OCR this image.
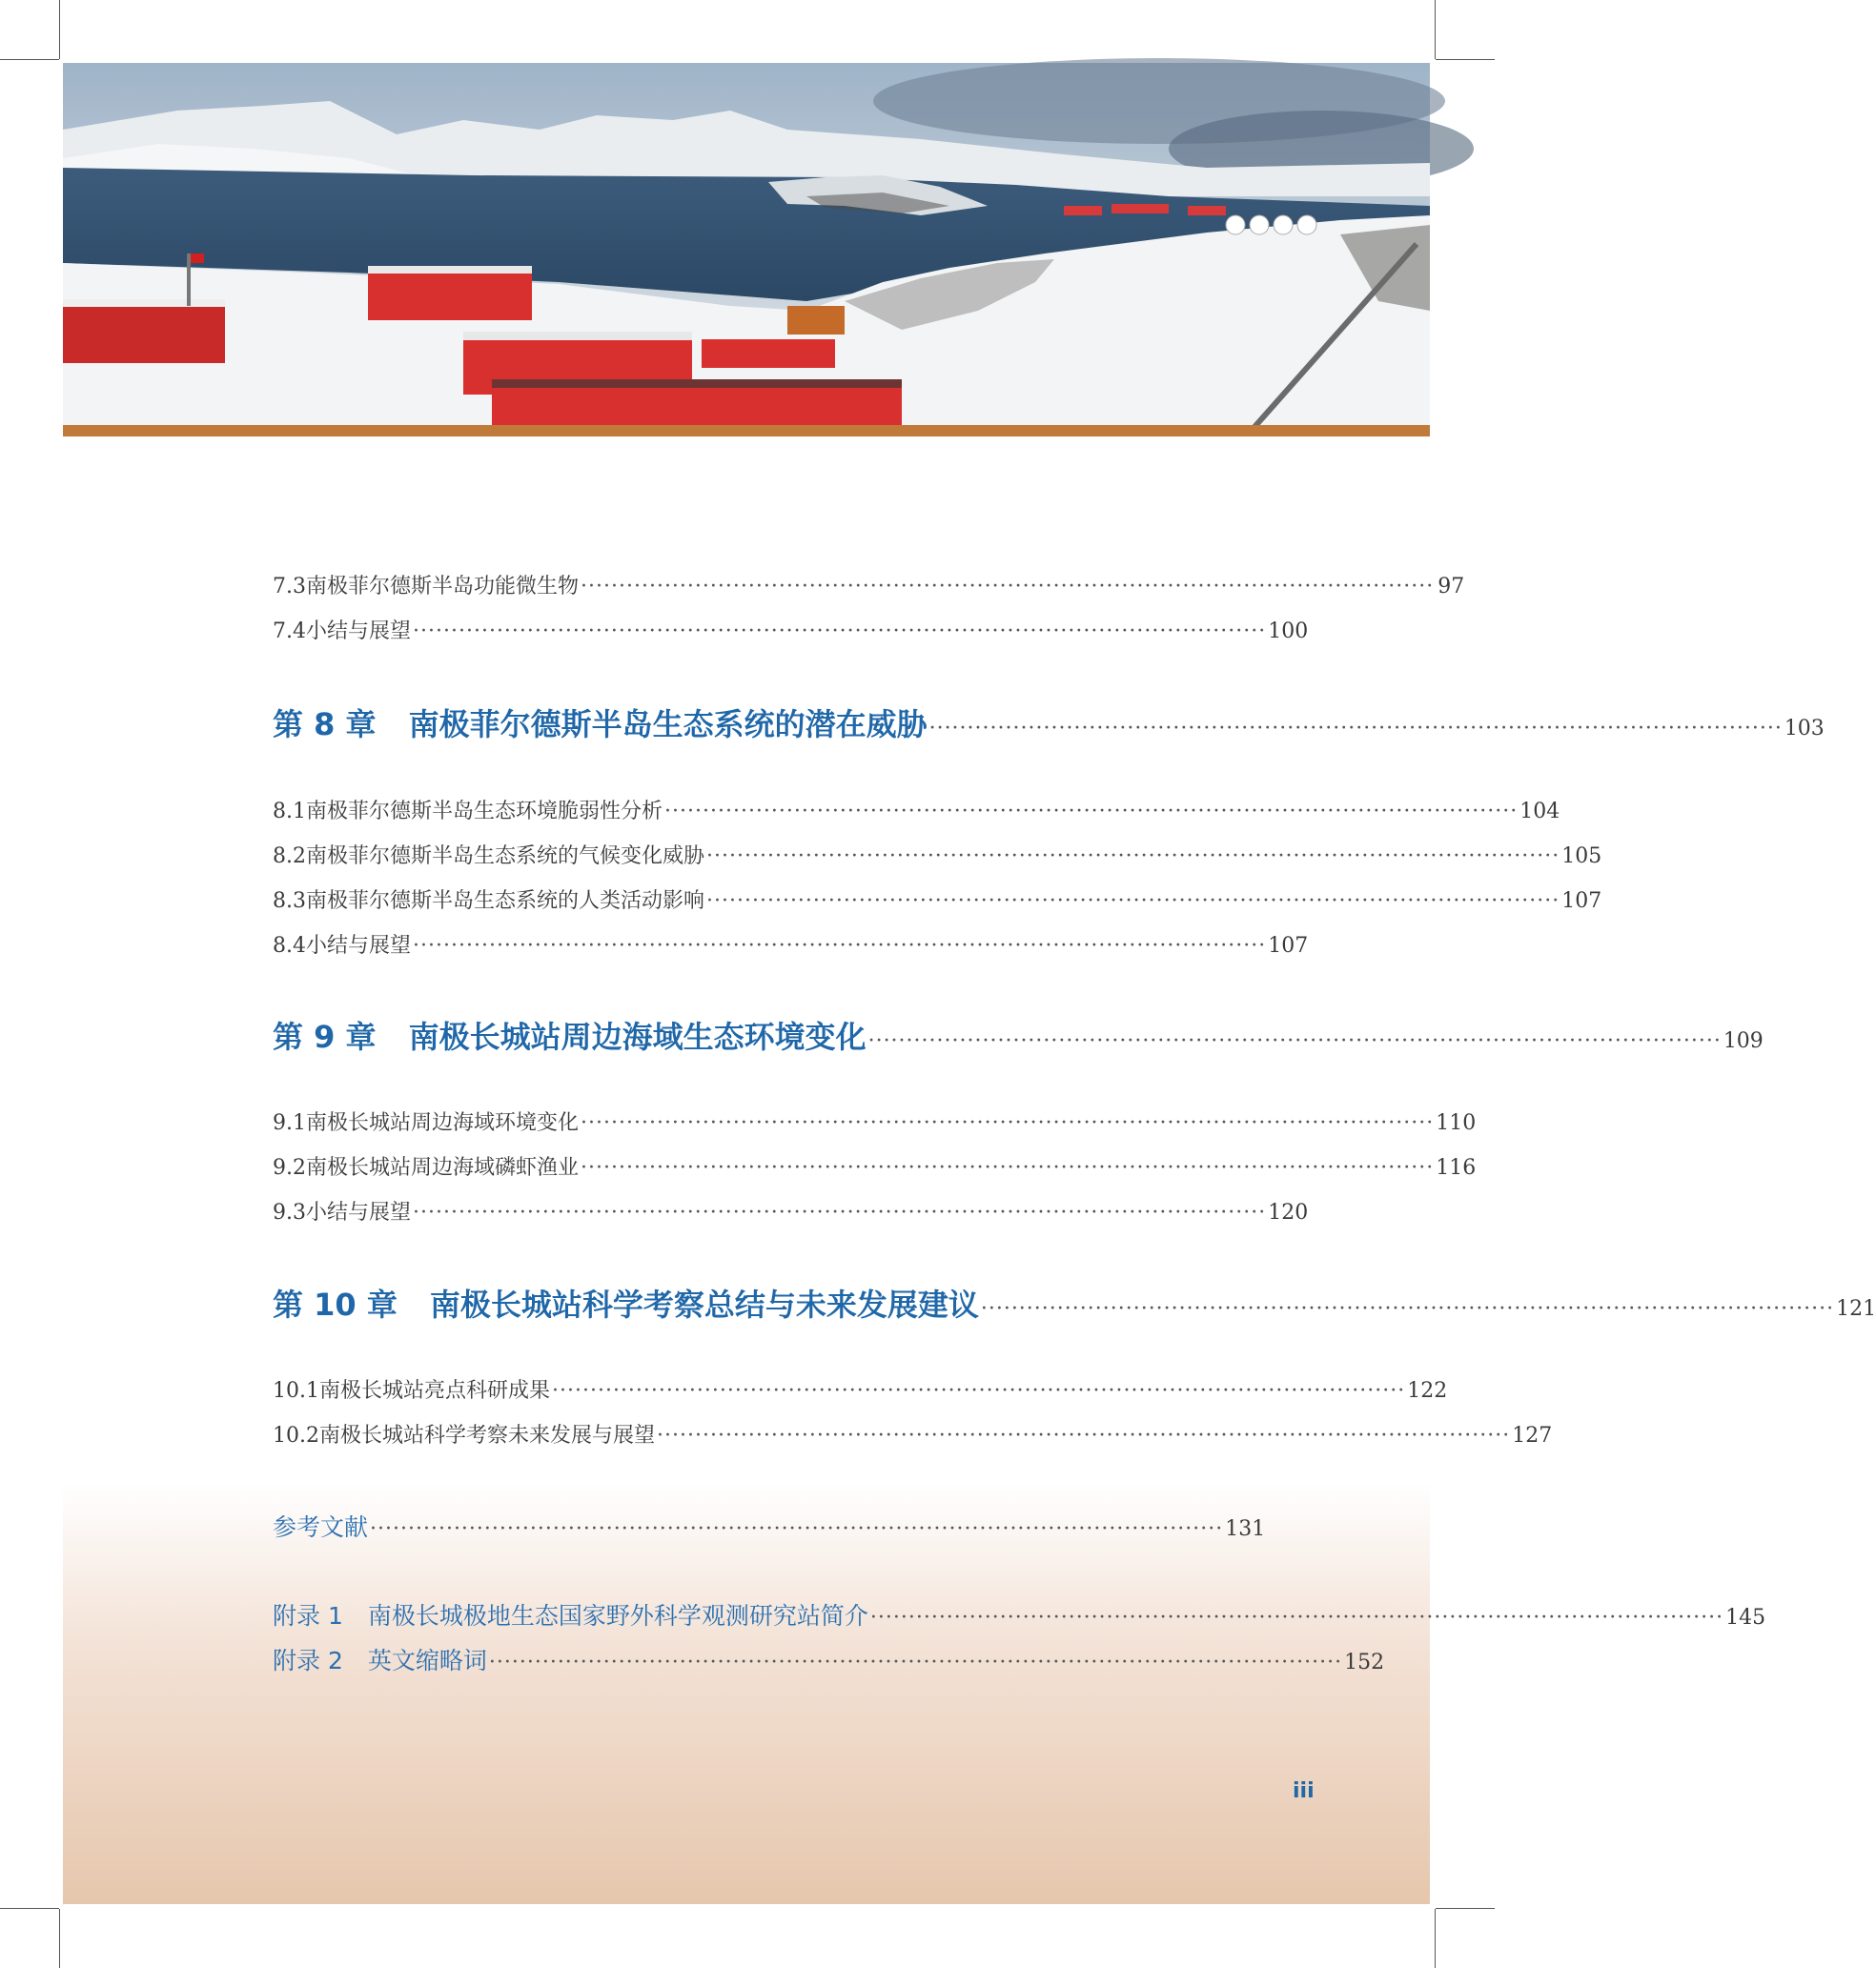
7.3 南极菲尔德斯半岛功能微生物 ················································································································ 97
7.4 小结与展望 ················································································································ 100
第 8 章 南极菲尔德斯半岛生态系统的潜在威胁 ················································································································ 103
8.1 南极菲尔德斯半岛生态环境脆弱性分析 ················································································································ 104
8.2 南极菲尔德斯半岛生态系统的气候变化威胁 ················································································································ 105
8.3 南极菲尔德斯半岛生态系统的人类活动影响 ················································································································ 107
8.4 小结与展望 ················································································································ 107
第 9 章 南极长城站周边海域生态环境变化 ················································································································ 109
9.1 南极长城站周边海域环境变化 ················································································································ 110
9.2 南极长城站周边海域磷虾渔业 ················································································································ 116
9.3 小结与展望 ················································································································ 120
第 10 章 南极长城站科学考察总结与未来发展建议 ················································································································ 121
10.1 南极长城站亮点科研成果 ················································································································ 122
10.2 南极长城站科学考察未来发展与展望 ················································································································ 127
参考文献 ················································································································ 131
附录 1 南极长城极地生态国家野外科学观测研究站简介 ················································································································ 145
附录 2 英文缩略词 ················································································································ 152
iii
